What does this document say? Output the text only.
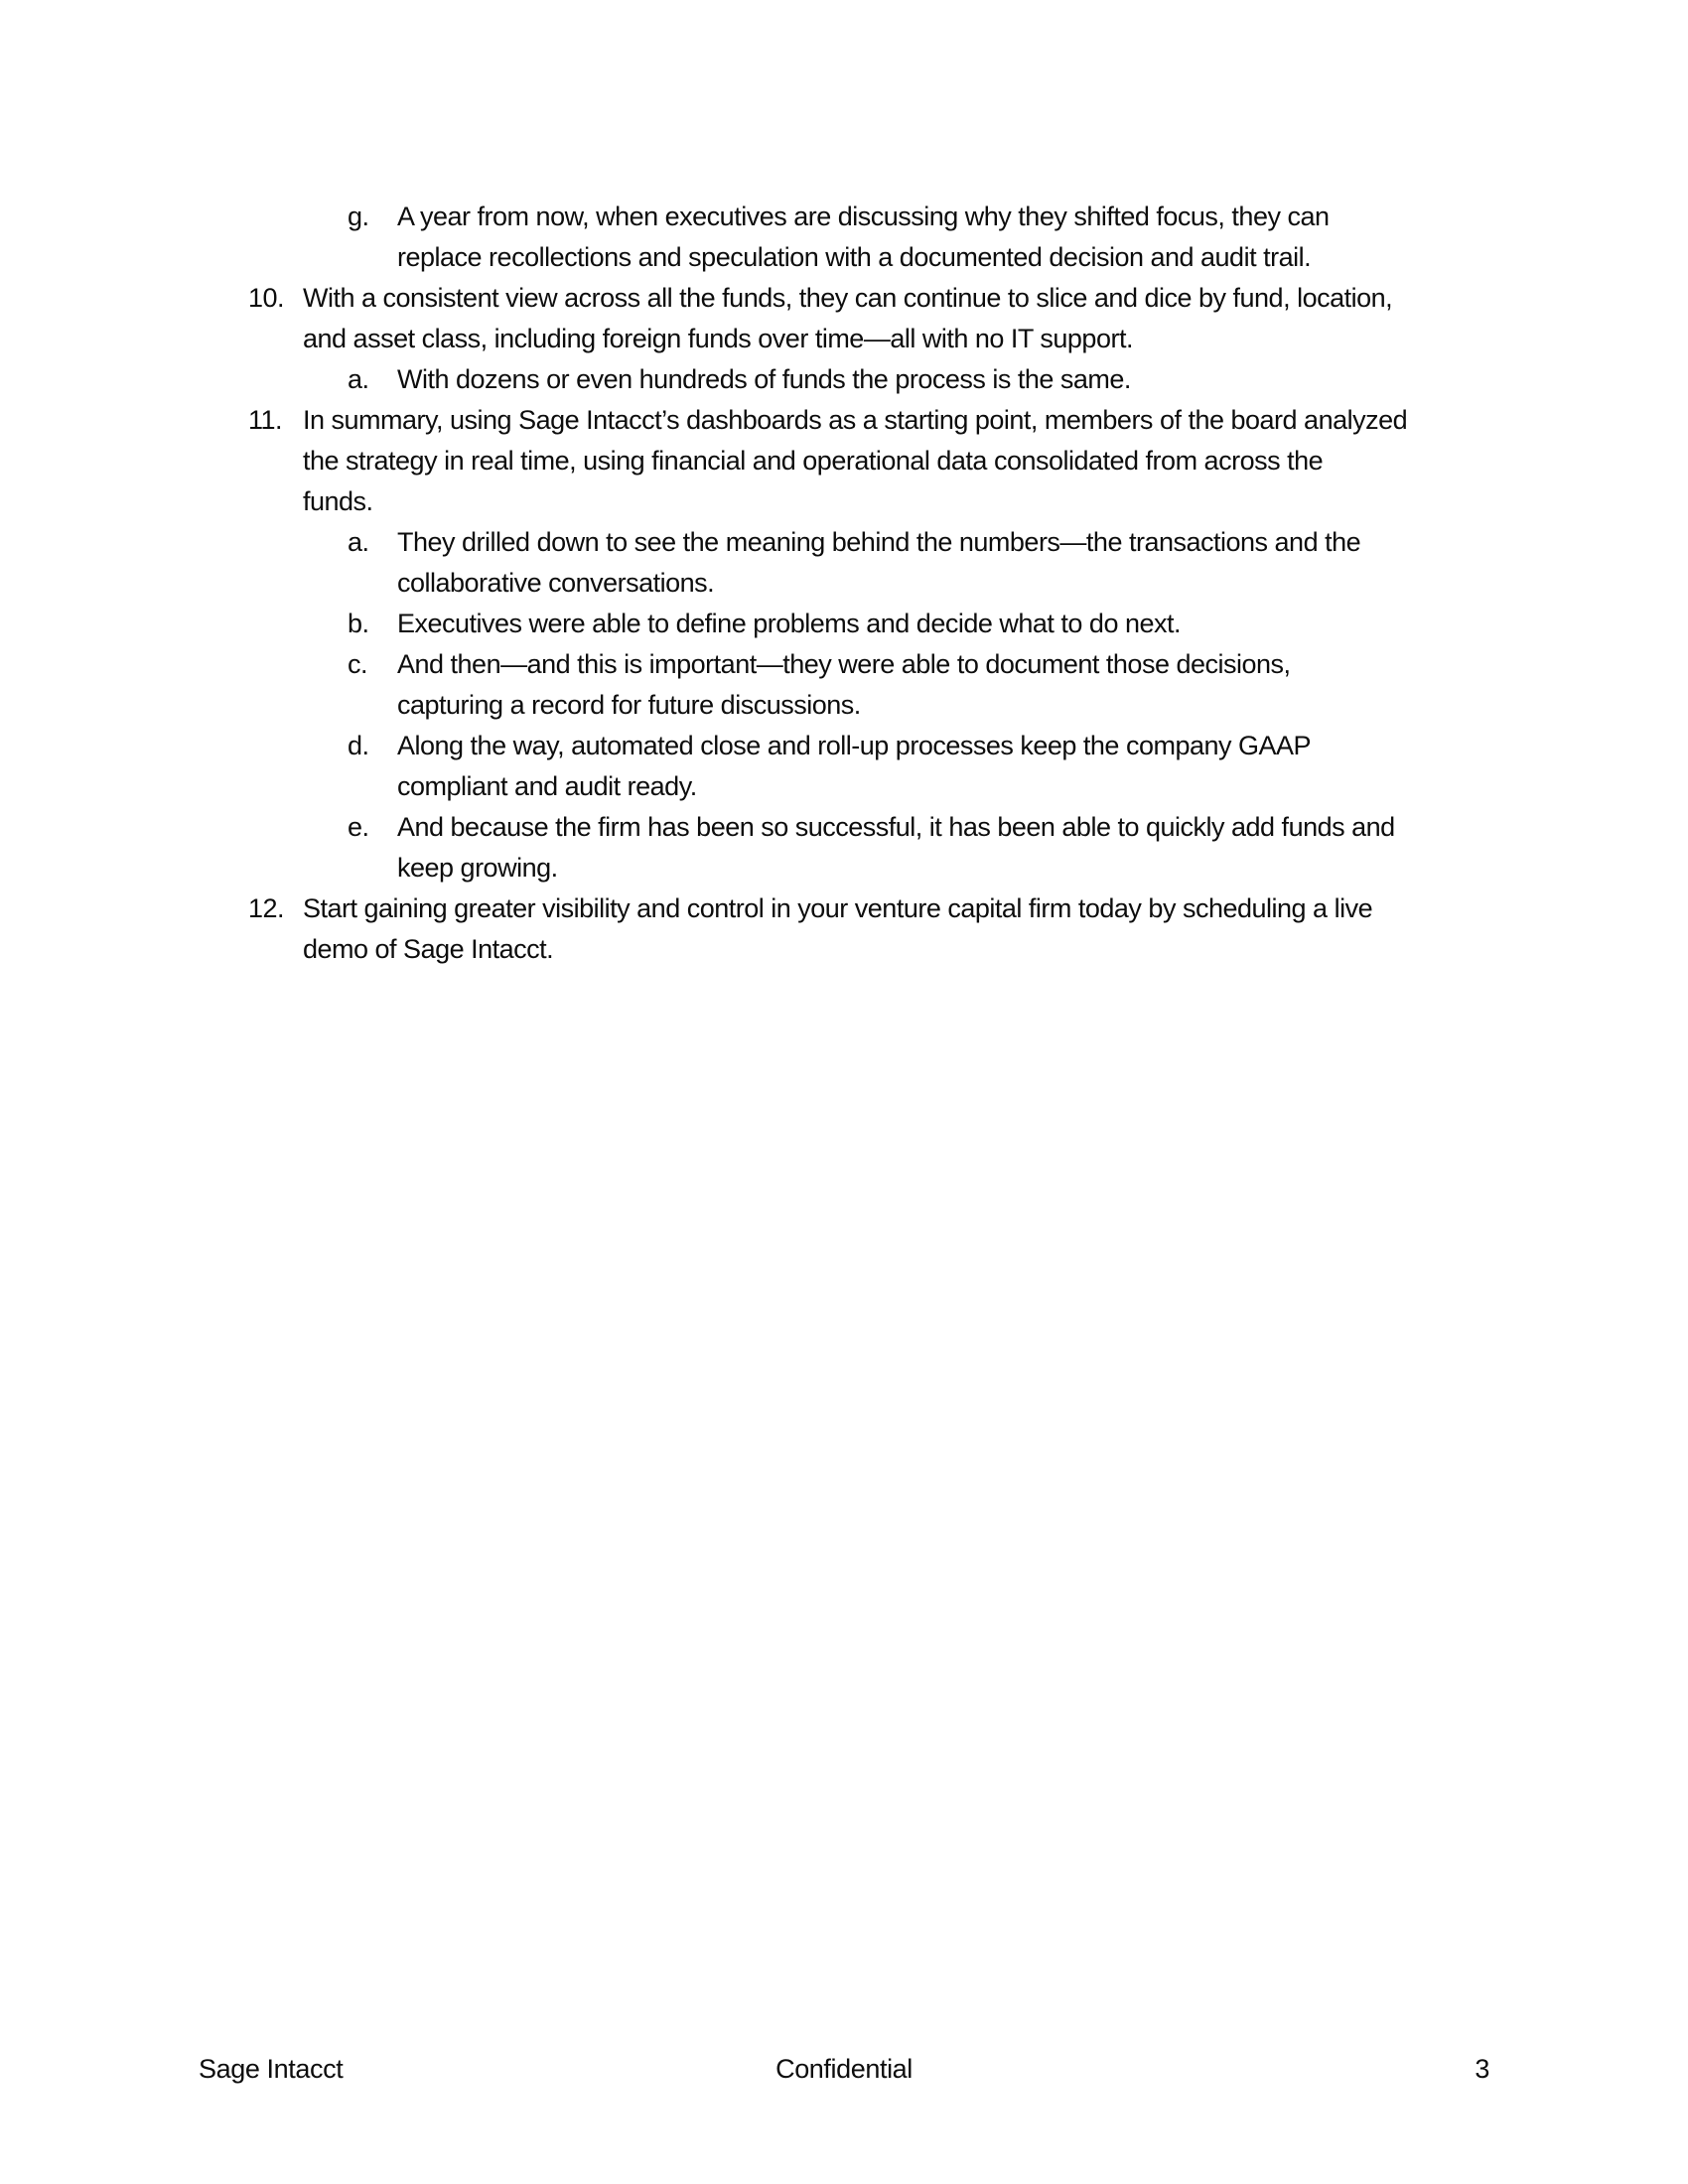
g.	A year from now, when executives are discussing why they shifted focus, they can
replace recollections and speculation with a documented decision and audit trail.
10. With a consistent view across all the funds, they can continue to slice and dice by fund, location,
and asset class, including foreign funds over time—all with no IT support.
a.	With dozens or even hundreds of funds the process is the same.
11. In summary, using Sage Intacct’s dashboards as a starting point, members of the board analyzed
the strategy in real time, using financial and operational data consolidated from across the
funds.
a.	They drilled down to see the meaning behind the numbers—the transactions and the
collaborative conversations.
b.	Executives were able to define problems and decide what to do next.
c.	And then—and this is important—they were able to document those decisions,
capturing a record for future discussions.
d.	Along the way, automated close and roll-up processes keep the company GAAP
compliant and audit ready.
e.	And because the firm has been so successful, it has been able to quickly add funds and
keep growing.
12. Start gaining greater visibility and control in your venture capital firm today by scheduling a live
demo of Sage Intacct.
Sage Intacct	Confidential	3
